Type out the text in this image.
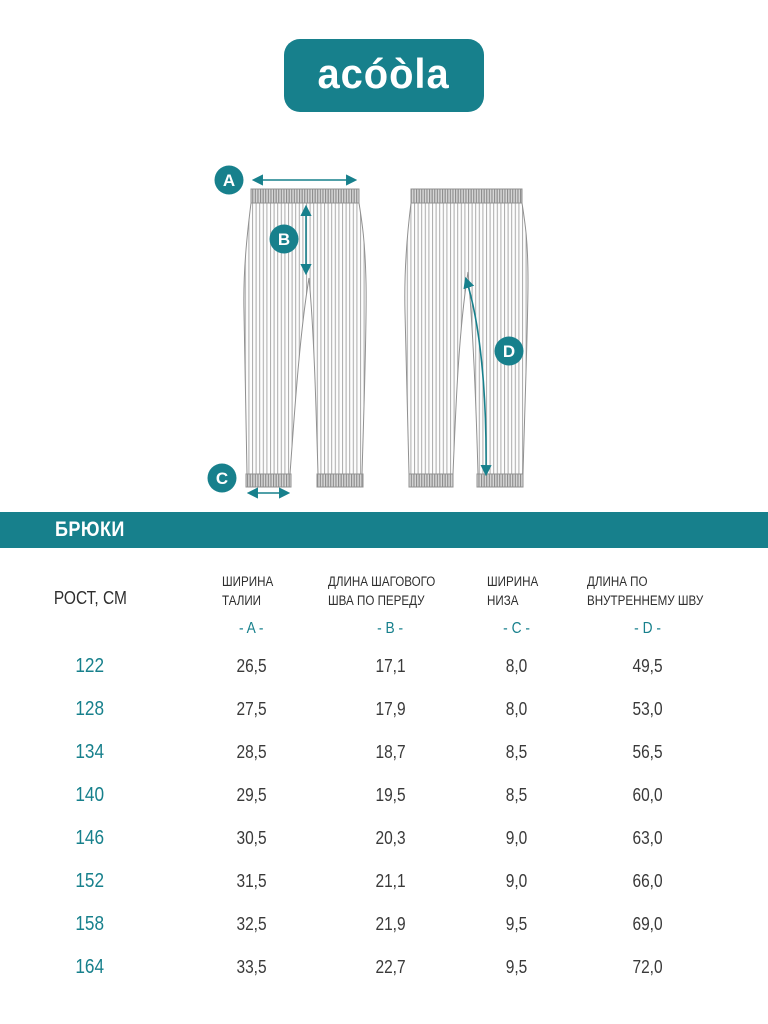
acóòla
A
B
C
D
БРЮКИ
РОСТ, СМ
ШИРИНА
ТАЛИИ
ДЛИНА ШАГОВОГО
ШВА ПО ПЕРЕДУ
ШИРИНА
НИЗА
ДЛИНА ПО
ВНУТРЕННЕМУ ШВУ
- A -	- B -	- C -	- D -
122	26,5	17,1	8,0	49,5
128	27,5	17,9	8,0	53,0
134	28,5	18,7	8,5	56,5
140	29,5	19,5	8,5	60,0
146	30,5	20,3	9,0	63,0
152	31,5	21,1	9,0	66,0
158	32,5	21,9	9,5	69,0
164	33,5	22,7	9,5	72,0
